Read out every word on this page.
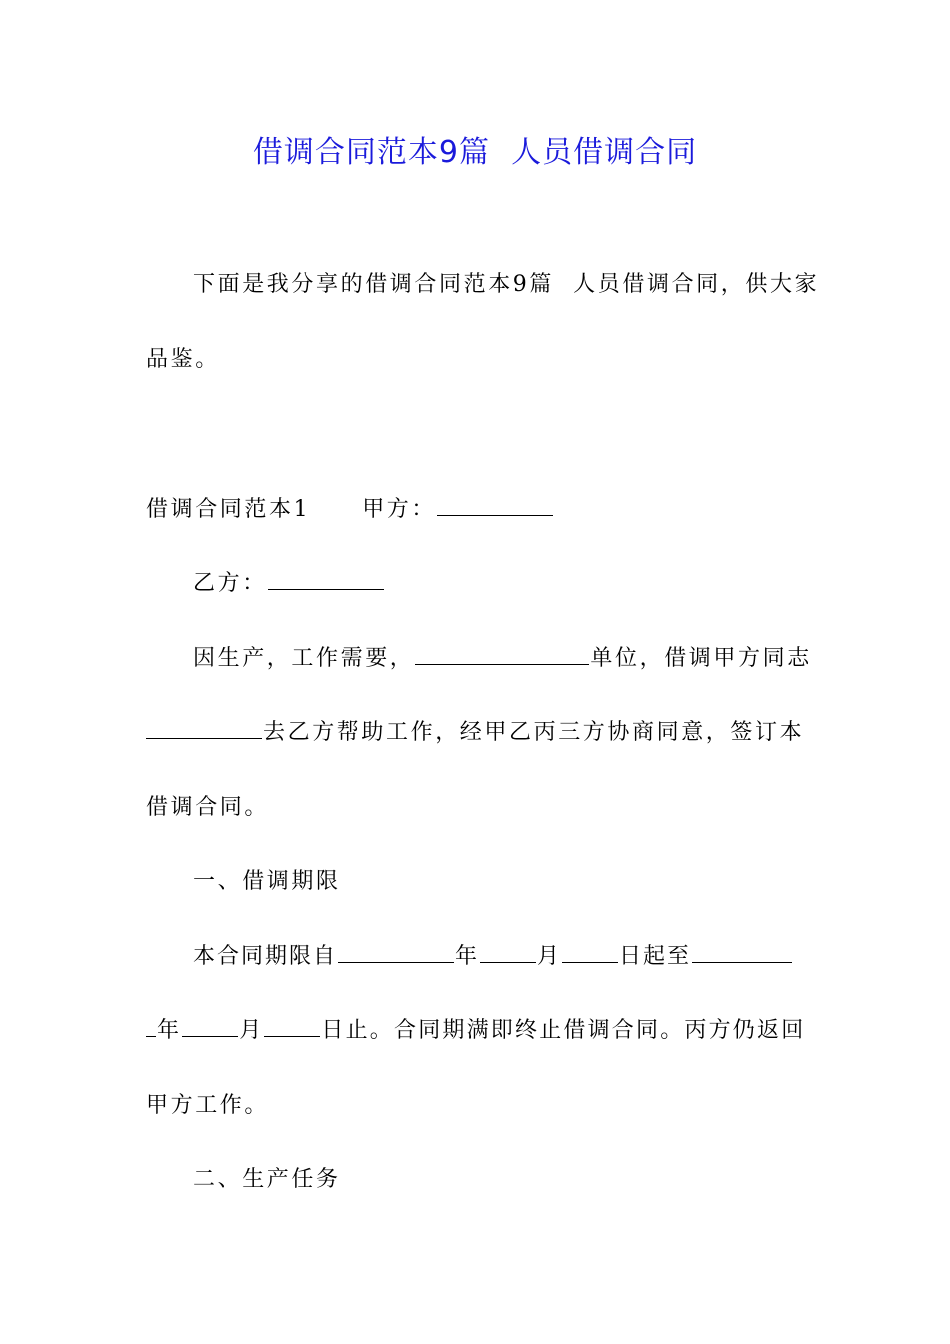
借调合同范本9篇  人员借调合同
下面是我分享的借调合同范本9篇  人员借调合同，供大家
品鉴。
借调合同范本1 甲方：
乙方：
因生产，工作需要，	单位，借调甲方同志
去乙方帮助工作，经甲乙丙三方协商同意，签订本
借调合同。
一、借调期限
本合同期限自	年	月	日起至
年	月	日止。合同期满即终止借调合同。丙方仍返回
甲方工作。
二、生产任务
